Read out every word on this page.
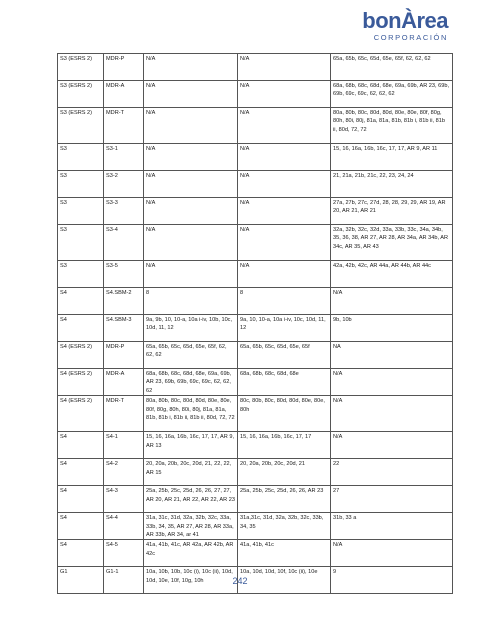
bonÀrea
CORPORACIÓN
S3 (ESRS 2)	MDR-P	N/A	N/A	65a, 65b, 65c, 65d, 65e, 65f, 62, 62, 62
S3 (ESRS 2)	MDR-A	N/A	N/A	68a, 68b, 68c, 68d, 68e, 69a, 69b, AR 23, 69b, 69b, 69c, 69c, 62, 62, 62
S3 (ESRS 2)	MDR-T	N/A	N/A	80a, 80b, 80c, 80d, 80d, 80e, 80e, 80f, 80g, 80h, 80i, 80j, 81a, 81a, 81b, 81b i, 81b ii, 81b ii, 80d, 72, 72
S3	S3-1	N/A	N/A	15, 16, 16a, 16b, 16c, 17, 17, AR 9, AR 11
S3	S3-2	N/A	N/A	21, 21a, 21b, 21c, 22, 23, 24, 24
S3	S3-3	N/A	N/A	27a, 27b, 27c, 27d, 28, 28, 29, 29, AR 19, AR 20, AR 21, AR 21
S3	S3-4	N/A	N/A	32a, 32b, 32c, 32d, 33a, 33b, 33c, 34a, 34b, 35, 36, 38, AR 27, AR 28, AR 34a, AR 34b, AR 34c, AR 35, AR 43
S3	S3-5	N/A	N/A	42a, 42b, 42c, AR 44a, AR 44b, AR 44c
S4	S4.SBM-2	8	8	N/A
S4	S4.SBM-3	9a, 9b, 10, 10-a, 10a i-iv, 10b, 10c, 10d, 11, 12	9a, 10, 10-a, 10a i-iv, 10c, 10d, 11, 12	9b, 10b
S4 (ESRS 2)	MDR-P	65a, 65b, 65c, 65d, 65e, 65f, 62, 62, 62	65a, 65b, 65c, 65d, 65e, 65f	NA
S4 (ESRS 2)	MDR-A	68a, 68b, 68c, 68d, 68e, 69a, 69b, AR 23, 69b, 69b, 69c, 69c, 62, 62, 62	68a, 68b, 68c, 68d, 68e	N/A
S4 (ESRS 2)	MDR-T	80a, 80b, 80c, 80d, 80d, 80e, 80e, 80f, 80g, 80h, 80i, 80j, 81a, 81a, 81b, 81b i, 81b ii, 81b ii, 80d, 72, 72	80c, 80b, 80c, 80d, 80d, 80e, 80e, 80h	N/A
S4	S4-1	15, 16, 16a, 16b, 16c, 17, 17, AR 9, AR 13	15, 16, 16a, 16b, 16c, 17, 17	N/A
S4	S4-2	20, 20a, 20b, 20c, 20d, 21, 22, 22, AR 15	20, 20a, 20b, 20c, 20d, 21	22
S4	S4-3	25a, 25b, 25c, 25d, 26, 26, 27, 27, AR 20, AR 21, AR 22, AR 22, AR 23	25a, 25b, 25c, 25d, 26, 26, AR 23	27
S4	S4-4	31a, 31c, 31d, 32a, 32b, 32c, 33a, 33b, 34, 35, AR 27, AR 28, AR 33a, AR 33b, AR 34, ar 41	31a,31c, 31d, 32a, 32b, 32c, 33b, 34, 35	31b, 33 a
S4	S4-5	41a, 41b, 41c, AR 42a, AR 42b, AR 42c	41a, 41b, 41c	N/A
G1	G1-1	10a, 10b, 10b, 10c (i), 10c (ii), 10d, 10d, 10e, 10f, 10g, 10h	10a, 10d, 10d, 10f, 10c (ii), 10e	9
242
